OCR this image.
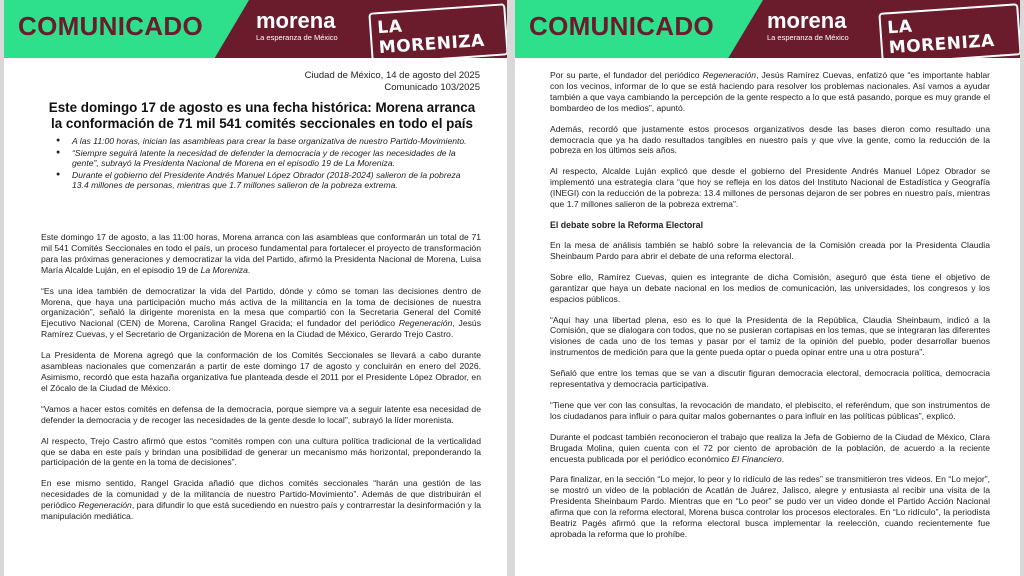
COMUNICADO morena
La esperanza de México	LA MORENIZA
Ciudad de México, 14 de agosto del 2025
Comunicado 103/2025
Este domingo 17 de agosto es una fecha histórica: Morena arranca la conformación de 71 mil 541 comités seccionales en todo el país
● A las 11:00 horas, inician las asambleas para crear la base organizativa de nuestro Partido-Movimiento.
● “Siempre seguirá latente la necesidad de defender la democracia y de recoger las necesidades de la gente”, subrayó la Presidenta Nacional de Morena en el episodio 19 de La Moreniza.
● Durante el gobierno del Presidente Andrés Manuel López Obrador (2018-2024) salieron de la pobreza 13.4 millones de personas, mientras que 1.7 millones salieron de la pobreza extrema.

Este domingo 17 de agosto, a las 11:00 horas, Morena arranca con las asambleas que conformarán un total de 71 mil 541 Comités Seccionales en todo el país, un proceso fundamental para fortalecer el proyecto de transformación para las próximas generaciones y democratizar la vida del Partido, afirmó la Presidenta Nacional de Morena, Luisa María Alcalde Luján, en el episodio 19 de La Moreniza.

“Es una idea también de democratizar la vida del Partido, dónde y cómo se toman las decisiones dentro de Morena, que haya una participación mucho más activa de la militancia en la toma de decisiones de nuestra organización”, señaló la dirigente morenista en la mesa que compartió con la Secretaria General del Comité Ejecutivo Nacional (CEN) de Morena, Carolina Rangel Gracida; el fundador del periódico Regeneración, Jesús Ramírez Cuevas, y el Secretario de Organización de Morena en la Ciudad de México, Gerardo Trejo Castro.

La Presidenta de Morena agregó que la conformación de los Comités Seccionales se llevará a cabo durante asambleas nacionales que comenzarán a partir de este domingo 17 de agosto y concluirán en enero del 2026. Asimismo, recordó que esta hazaña organizativa fue planteada desde el 2011 por el Presidente López Obrador, en el Zócalo de la Ciudad de México.

“Vamos a hacer estos comités en defensa de la democracia, porque siempre va a seguir latente esa necesidad de defender la democracia y de recoger las necesidades de la gente desde lo local”, subrayó la líder morenista.

Al respecto, Trejo Castro afirmó que estos “comités rompen con una cultura política tradicional de la verticalidad que se daba en este país y brindan una posibilidad de generar un mecanismo más horizontal, preponderando la participación de la gente en la toma de decisiones”.

En ese mismo sentido, Rangel Gracida añadió que dichos comités seccionales “harán una gestión de las necesidades de la comunidad y de la militancia de nuestro Partido-Movimiento”. Además de que distribuirán el periódico Regeneración, para difundir lo que está sucediendo en nuestro país y contrarrestar la desinformación y la manipulación mediática.

COMUNICADO morena
La esperanza de México	LA MORENIZA

Por su parte, el fundador del periódico Regeneración, Jesús Ramírez Cuevas, enfatizó que “es importante hablar con los vecinos, informar de lo que se está haciendo para resolver los problemas nacionales. Así vamos a ayudar también a que vaya cambiando la percepción de la gente respecto a lo que está pasando, porque es muy grande el bombardeo de los medios”, apuntó.

Además, recordó que justamente estos procesos organizativos desde las bases dieron como resultado una democracia que ya ha dado resultados tangibles en nuestro país y que vive la gente, como la reducción de la pobreza en los últimos seis años.

Al respecto, Alcalde Luján explicó que desde el gobierno del Presidente Andrés Manuel López Obrador se implementó una estrategia clara “que hoy se refleja en los datos del Instituto Nacional de Estadística y Geografía (INEGI) con la reducción de la pobreza: 13.4 millones de personas dejaron de ser pobres en nuestro país, mientras que 1.7 millones salieron de la pobreza extrema”.

El debate sobre la Reforma Electoral

En la mesa de análisis también se habló sobre la relevancia de la Comisión creada por la Presidenta Claudia Sheinbaum Pardo para abrir el debate de una reforma electoral.

Sobre ello, Ramírez Cuevas, quien es integrante de dicha Comisión, aseguró que ésta tiene el objetivo de garantizar que haya un debate nacional en los medios de comunicación, las universidades, los congresos y los espacios públicos.

“Aquí hay una libertad plena, eso es lo que la Presidenta de la República, Claudia Sheinbaum, indicó a la Comisión, que se dialogara con todos, que no se pusieran cortapisas en los temas, que se integraran las diferentes visiones de cada uno de los temas y pasar por el tamiz de la opinión del pueblo, poder desarrollar buenos instrumentos de medición para que la gente pueda optar o pueda opinar entre una u otra postura”.

Señaló que entre los temas que se van a discutir figuran democracia electoral, democracia política, democracia representativa y democracia participativa.

“Tiene que ver con las consultas, la revocación de mandato, el plebiscito, el referéndum, que son instrumentos de los ciudadanos para influir o para quitar malos gobernantes o para influir en las políticas públicas”, explicó.

Durante el podcast también reconocieron el trabajo que realiza la Jefa de Gobierno de la Ciudad de México, Clara Brugada Molina, quien cuenta con el 72 por ciento de aprobación de la población, de acuerdo a la reciente encuesta publicada por el periódico económico El Financiero.

Para finalizar, en la sección “Lo mejor, lo peor y lo ridículo de las redes” se transmitieron tres videos. En “Lo mejor”, se mostró un video de la población de Acatlán de Juárez, Jalisco, alegre y entusiasta al recibir una visita de la Presidenta Sheinbaum Pardo. Mientras que en “Lo peor” se pudo ver un video donde el Partido Acción Nacional afirma que con la reforma electoral, Morena busca controlar los procesos electorales. En “Lo ridículo”, la periodista Beatriz Pagés afirmó que la reforma electoral busca implementar la reelección, cuando recientemente fue aprobada la reforma que lo prohíbe.
